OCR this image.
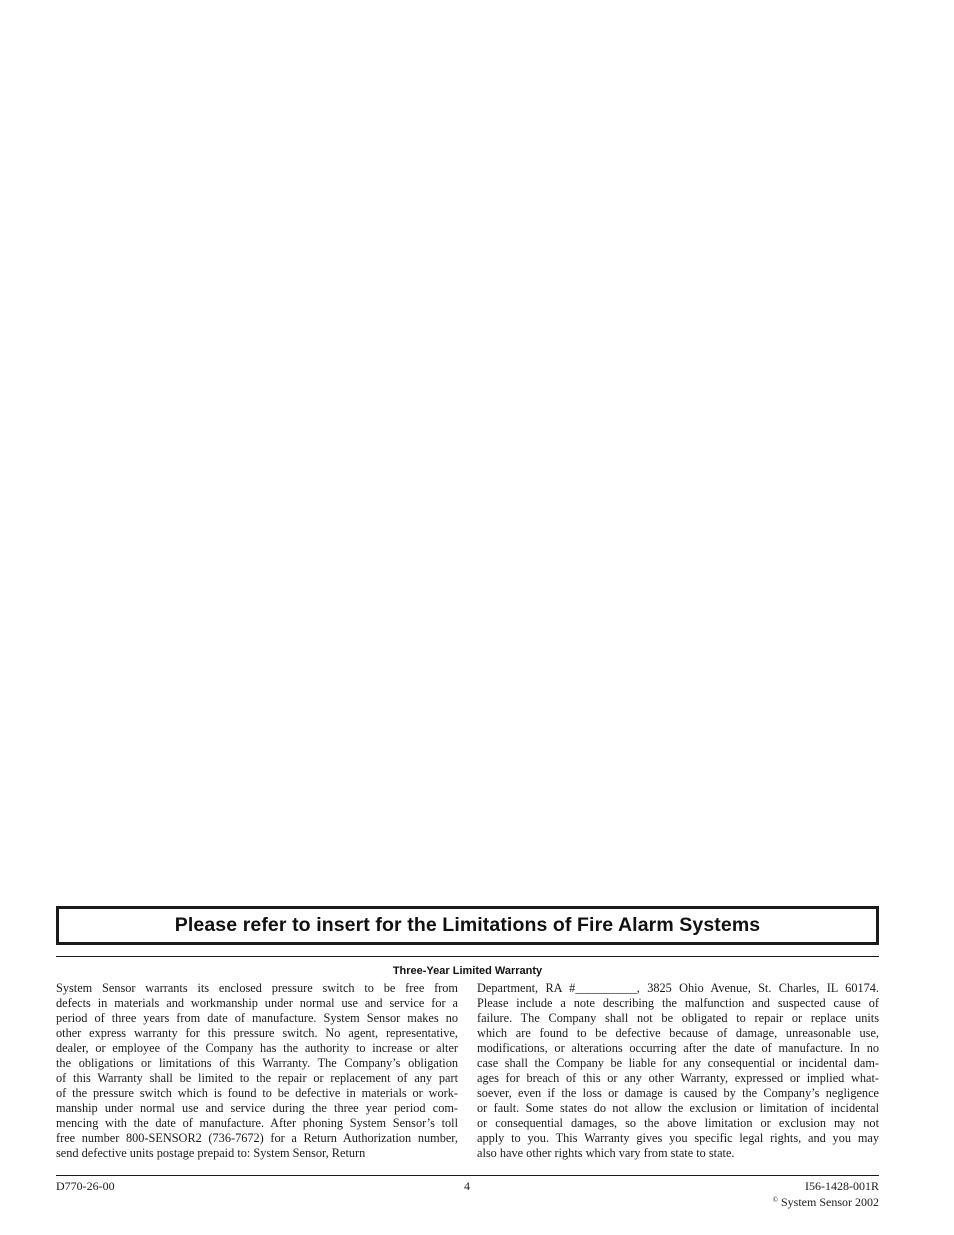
Please refer to insert for the Limitations of Fire Alarm Systems
Three-Year Limited Warranty
System Sensor warrants its enclosed pressure switch to be free from
defects in materials and workmanship under normal use and service for a
period of three years from date of manufacture. System Sensor makes no
other express warranty for this pressure switch. No agent, representative,
dealer, or employee of the Company has the authority to increase or alter
the obligations or limitations of this Warranty. The Company’s obligation
of this Warranty shall be limited to the repair or replacement of any part
of the pressure switch which is found to be defective in materials or work-
manship under normal use and service during the three year period com-
mencing with the date of manufacture. After phoning System Sensor’s toll
free number 800-SENSOR2 (736-7672) for a Return Authorization number,
send defective units postage prepaid to: System Sensor, Return
Department, RA #__________, 3825 Ohio Avenue, St. Charles, IL 60174.
Please include a note describing the malfunction and suspected cause of
failure. The Company shall not be obligated to repair or replace units
which are found to be defective because of damage, unreasonable use,
modifications, or alterations occurring after the date of manufacture. In no
case shall the Company be liable for any consequential or incidental dam-
ages for breach of this or any other Warranty, expressed or implied what-
soever, even if the loss or damage is caused by the Company’s negligence
or fault. Some states do not allow the exclusion or limitation of incidental
or consequential damages, so the above limitation or exclusion may not
apply to you. This Warranty gives you specific legal rights, and you may
also have other rights which vary from state to state.
D770-26-00	4	I56-1428-001R
© System Sensor 2002
